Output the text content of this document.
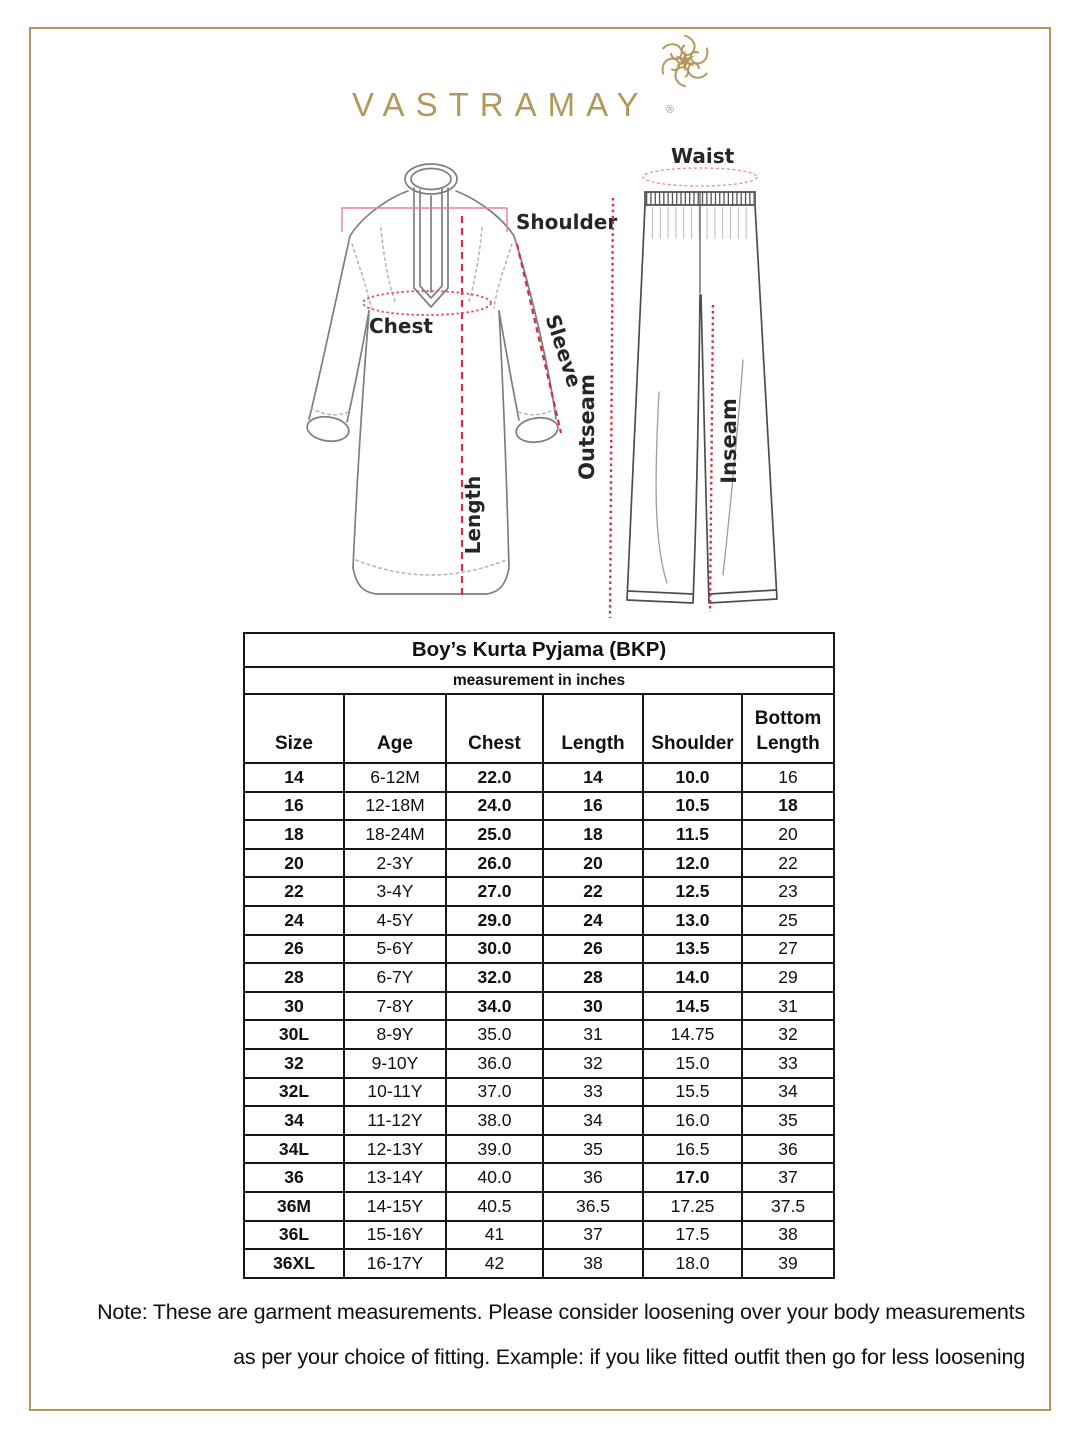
VASTRAMAY	®
Shoulder
Chest	Sleeve
Length
Waist
Outseam	Inseam
Boy’s Kurta Pyjama (BKP)					
measurement in inches					
Size	Age	Chest	Length	Shoulder	Bottom Length
14	6-12M	22.0	14	10.0	16
16	12-18M	24.0	16	10.5	18
18	18-24M	25.0	18	11.5	20
20	2-3Y	26.0	20	12.0	22
22	3-4Y	27.0	22	12.5	23
24	4-5Y	29.0	24	13.0	25
26	5-6Y	30.0	26	13.5	27
28	6-7Y	32.0	28	14.0	29
30	7-8Y	34.0	30	14.5	31
30L	8-9Y	35.0	31	14.75	32
32	9-10Y	36.0	32	15.0	33
32L	10-11Y	37.0	33	15.5	34
34	11-12Y	38.0	34	16.0	35
34L	12-13Y	39.0	35	16.5	36
36	13-14Y	40.0	36	17.0	37
36M	14-15Y	40.5	36.5	17.25	37.5
36L	15-16Y	41	37	17.5	38
36XL	16-17Y	42	38	18.0	39
Note: These are garment measurements. Please consider loosening over your body measurements
as per your choice of fitting. Example: if you like fitted outfit then go for less loosening
